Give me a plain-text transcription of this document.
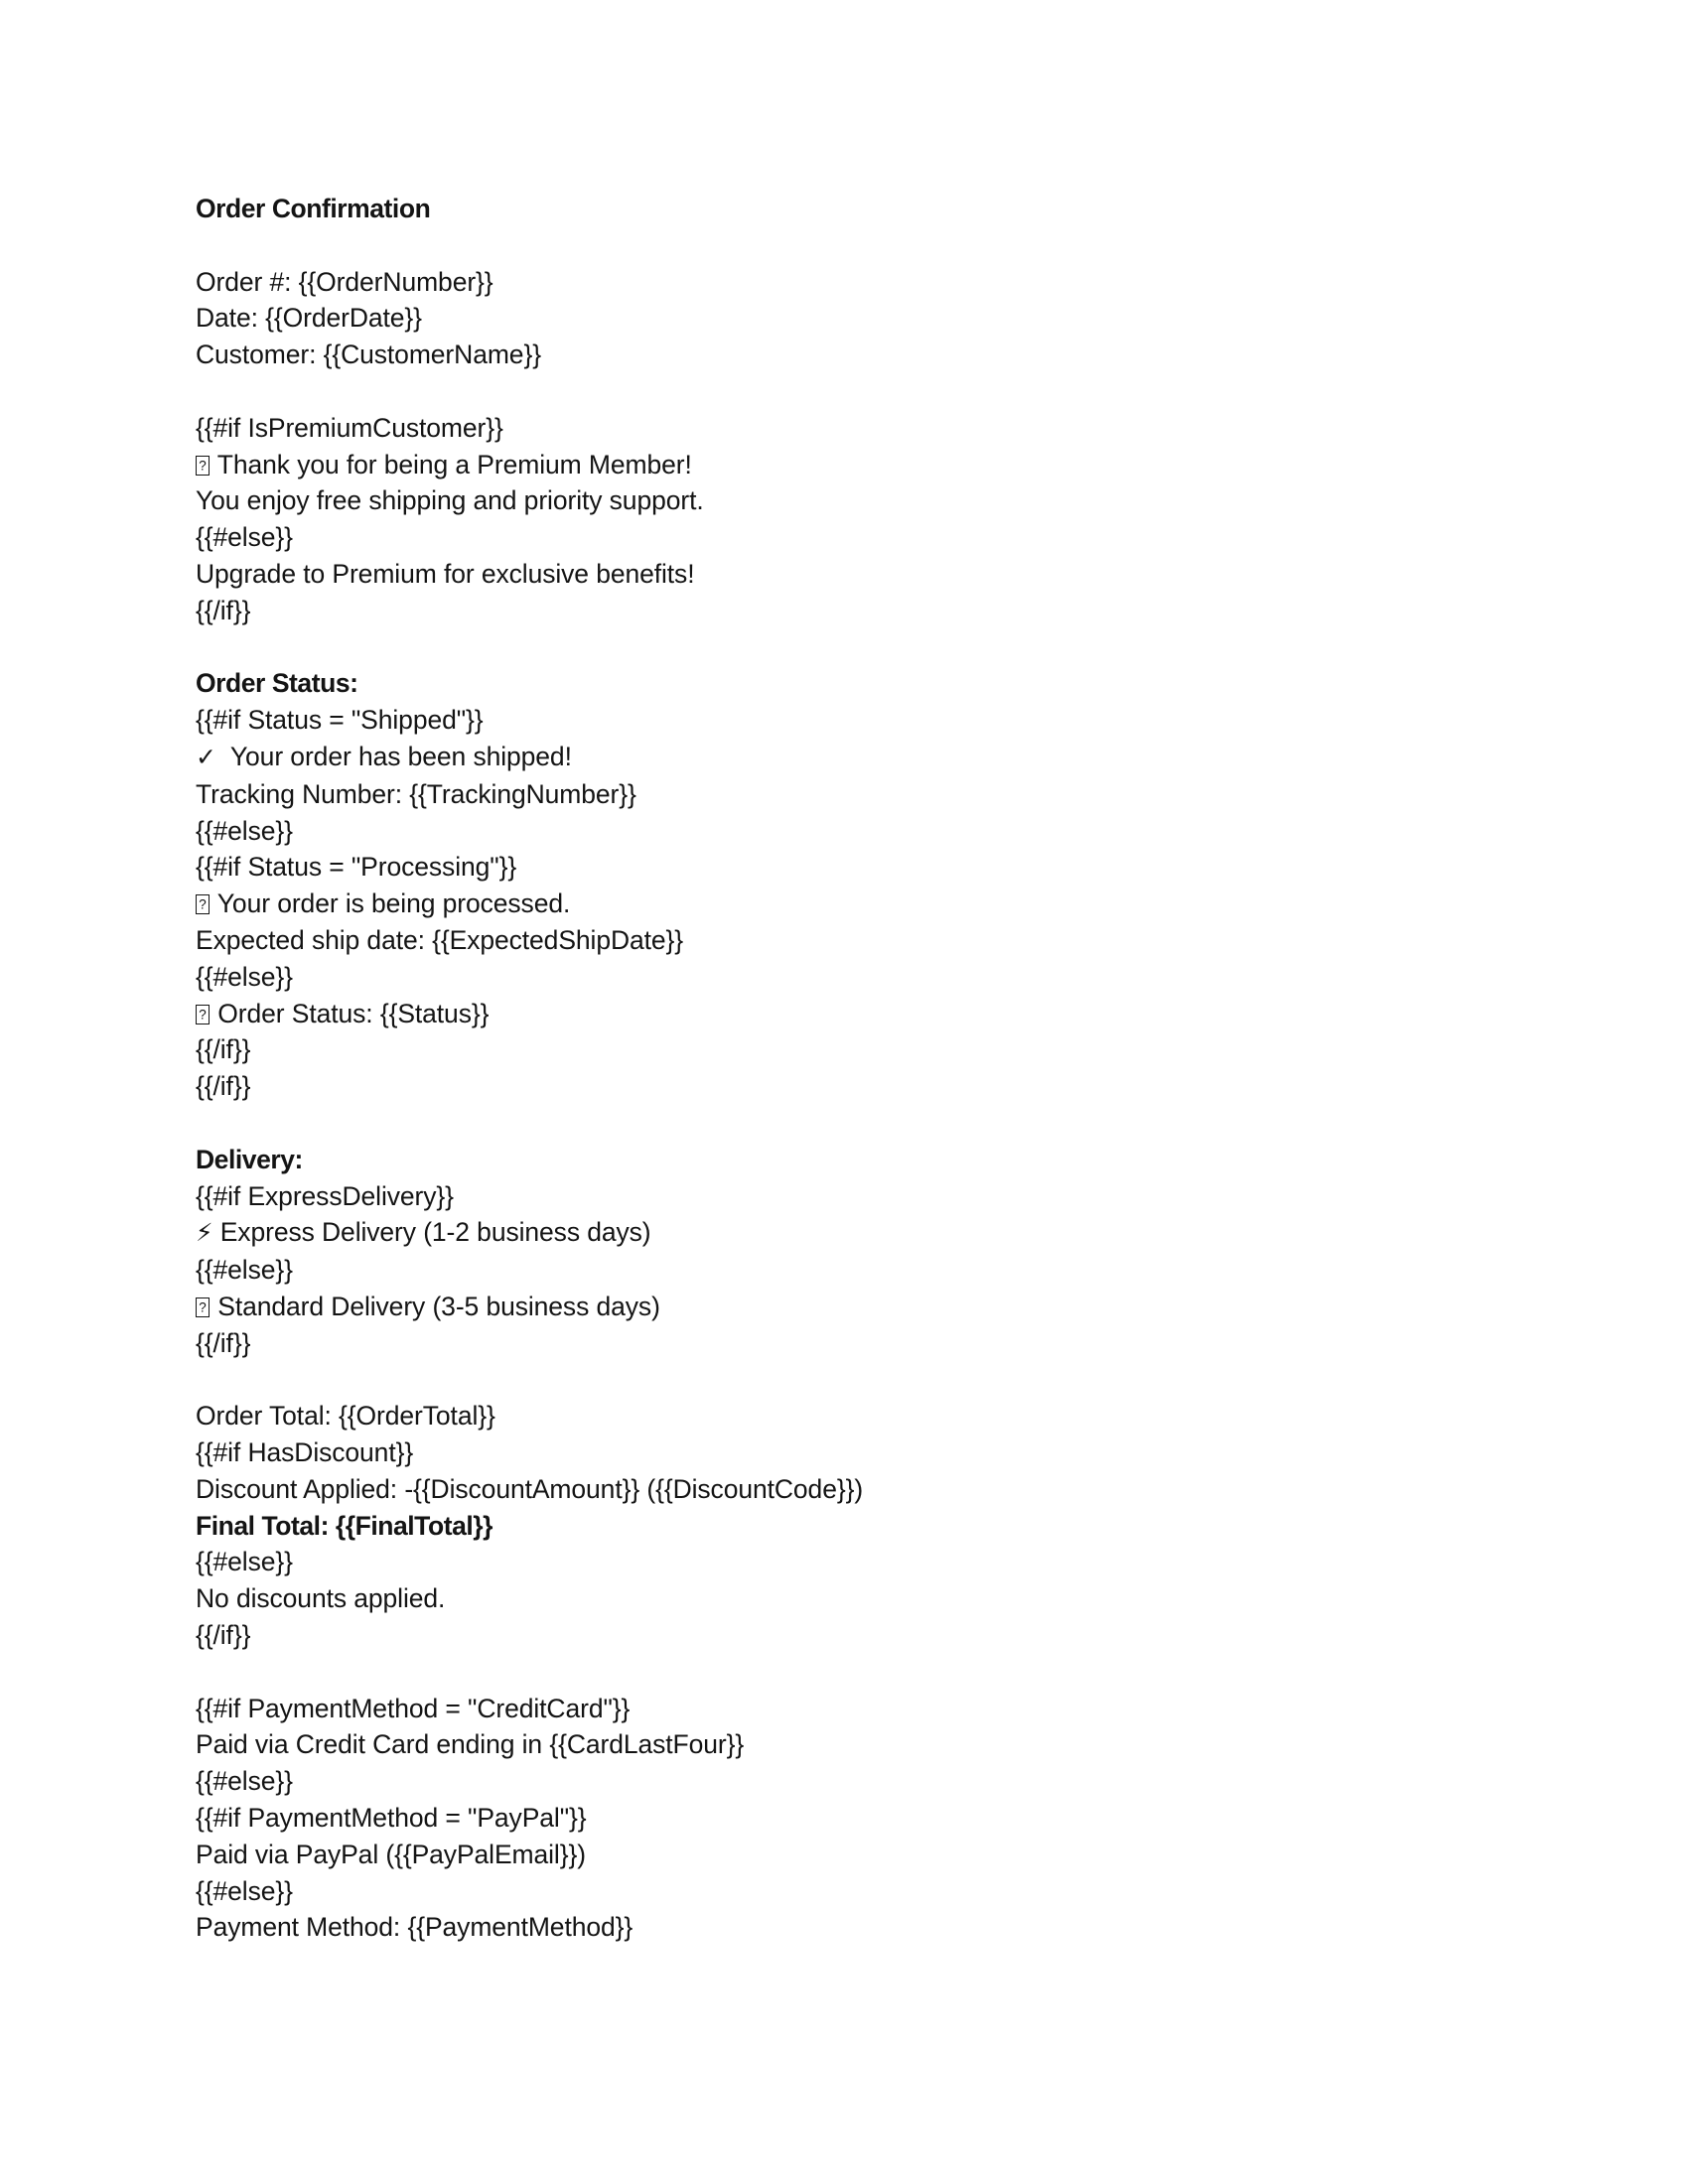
Order Confirmation
Order #: {{OrderNumber}}
Date: {{OrderDate}}
Customer: {{CustomerName}}
{{#if IsPremiumCustomer}}
? Thank you for being a Premium Member!
You enjoy free shipping and priority support.
{{#else}}
Upgrade to Premium for exclusive benefits!
{{/if}}
Order Status:
{{#if Status = "Shipped"}}
✓  Your order has been shipped!
Tracking Number: {{TrackingNumber}}
{{#else}}
{{#if Status = "Processing"}}
? Your order is being processed.
Expected ship date: {{ExpectedShipDate}}
{{#else}}
? Order Status: {{Status}}
{{/if}}
{{/if}}
Delivery:
{{#if ExpressDelivery}}
⚡ Express Delivery (1-2 business days)
{{#else}}
? Standard Delivery (3-5 business days)
{{/if}}
Order Total: {{OrderTotal}}
{{#if HasDiscount}}
Discount Applied: -{{DiscountAmount}} ({{DiscountCode}})
Final Total: {{FinalTotal}}
{{#else}}
No discounts applied.
{{/if}}
{{#if PaymentMethod = "CreditCard"}}
Paid via Credit Card ending in {{CardLastFour}}
{{#else}}
{{#if PaymentMethod = "PayPal"}}
Paid via PayPal ({{PayPalEmail}})
{{#else}}
Payment Method: {{PaymentMethod}}
